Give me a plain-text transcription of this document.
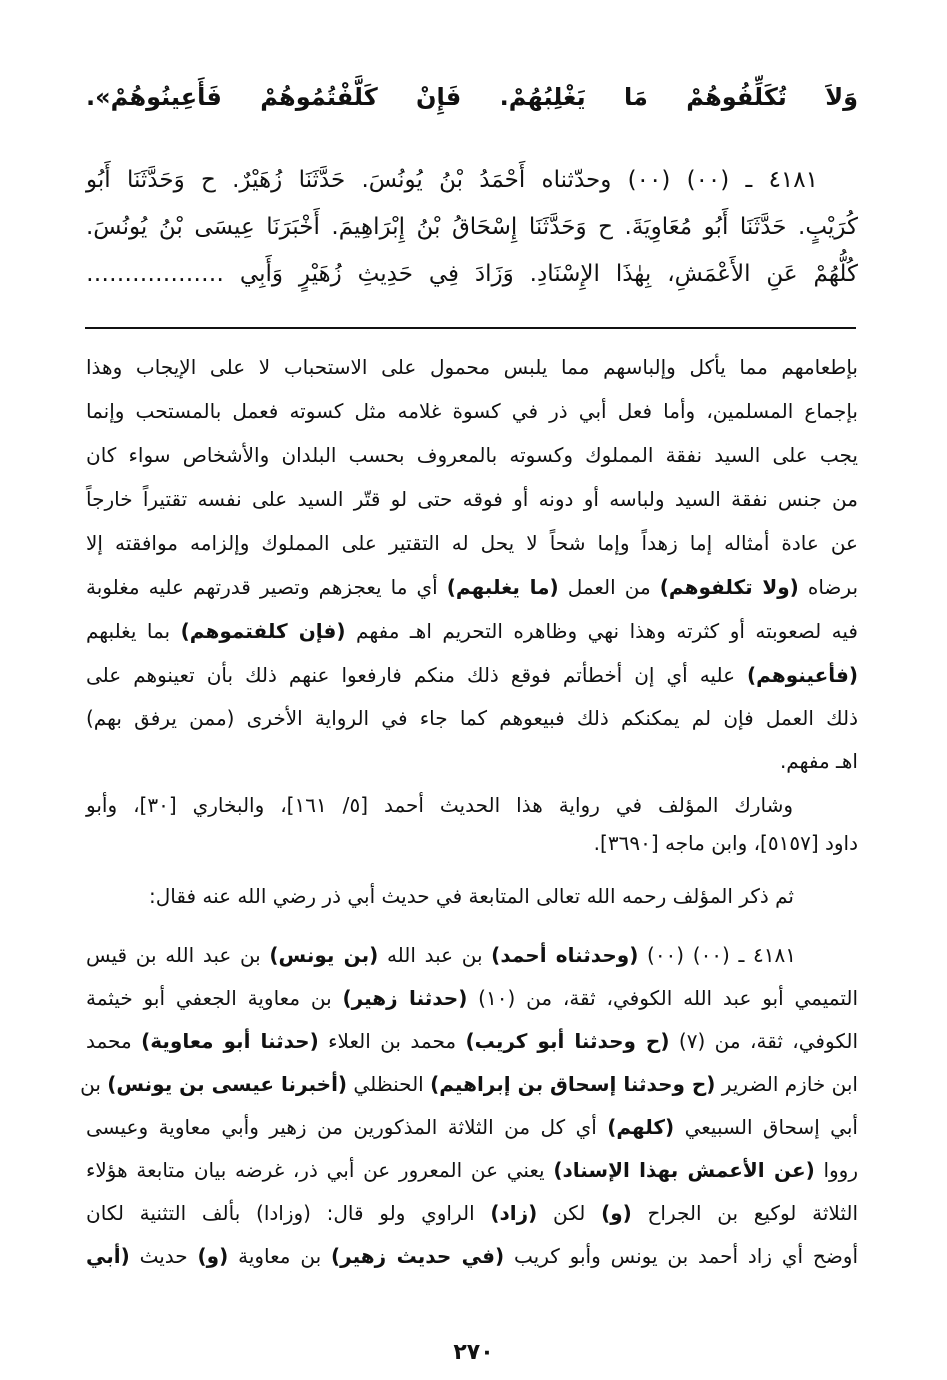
وَلاَ تُكَلِّفُوهُمْ مَا يَغْلِبُهُمْ. فَإِنْ كَلَّفْتُمُوهُمْ فَأَعِينُوهُمْ».
٤١٨١ ـ (٠٠) (٠٠) وحدّثناه أَحْمَدُ بْنُ يُونُسَ. حَدَّثَنَا زُهَيْرٌ. ح وَحَدَّثَنَا أَبُو
كُرَيْبٍ. حَدَّثَنَا أَبُو مُعَاوِيَةَ. ح وَحَدَّثَنَا إِسْحَاقُ بْنُ إِبْرَاهِيمَ. أَخْبَرَنَا عِيسَى بْنُ يُونُسَ.
كُلُّهُمْ عَنِ الأَعْمَشِ، بِهٰذَا الإِسْنَادِ. وَزَادَ فِي حَدِيثِ زُهَيْرٍ وَأَبِي ………………
بإطعامهم مما يأكل وإلباسهم مما يلبس محمول على الاستحباب لا على الإيجاب وهذا
بإجماع المسلمين، وأما فعل أبي ذر في كسوة غلامه مثل كسوته فعمل بالمستحب وإنما
يجب على السيد نفقة المملوك وكسوته بالمعروف بحسب البلدان والأشخاص سواء كان
من جنس نفقة السيد ولباسه أو دونه أو فوقه حتى لو قتّر السيد على نفسه تقتيراً خارجاً
عن عادة أمثاله إما زهداً وإما شحاً لا يحل له التقتير على المملوك وإلزامه موافقته إلا
برضاه (ولا تكلفوهم) من العمل (ما يغلبهم) أي ما يعجزهم وتصير قدرتهم عليه مغلوبة
فيه لصعوبته أو كثرته وهذا نهي وظاهره التحريم اهـ مفهم (فإن كلفتموهم) بما يغلبهم
(فأعينوهم) عليه أي إن أخطأتم فوقع ذلك منكم فارفعوا عنهم ذلك بأن تعينوهم على
ذلك العمل فإن لم يمكنكم ذلك فبيعوهم كما جاء في الرواية الأخرى (ممن يرفق بهم)
اهـ مفهم.
وشارك المؤلف في رواية هذا الحديث أحمد [٥/ ١٦١]، والبخاري [٣٠]، وأبو
داود [٥١٥٧]، وابن ماجه [٣٦٩٠].
ثم ذكر المؤلف رحمه الله تعالى المتابعة في حديث أبي ذر رضي الله عنه فقال:
٤١٨١ ـ (٠٠) (٠٠) (وحدثناه أحمد) بن عبد الله (بن يونس) بن عبد الله بن قيس
التميمي أبو عبد الله الكوفي، ثقة، من (١٠) (حدثنا زهير) بن معاوية الجعفي أبو خيثمة
الكوفي، ثقة، من (٧) (ح وحدثنا أبو كريب) محمد بن العلاء (حدثنا أبو معاوية) محمد
ابن خازم الضرير (ح وحدثنا إسحاق بن إبراهيم) الحنظلي (أخبرنا عيسى بن يونس) بن
أبي إسحاق السبيعي (كلهم) أي كل من الثلاثة المذكورين من زهير وأبي معاوية وعيسى
رووا (عن الأعمش بهذا الإسناد) يعني عن المعرور عن أبي ذر، غرضه بيان متابعة هؤلاء
الثلاثة لوكيع بن الجراح (و) لكن (زاد) الراوي ولو قال: (وزادا) بألف التثنية لكان
أوضح أي زاد أحمد بن يونس وأبو كريب (في حديث زهير) بن معاوية (و) حديث (أبي
٢٧٠
